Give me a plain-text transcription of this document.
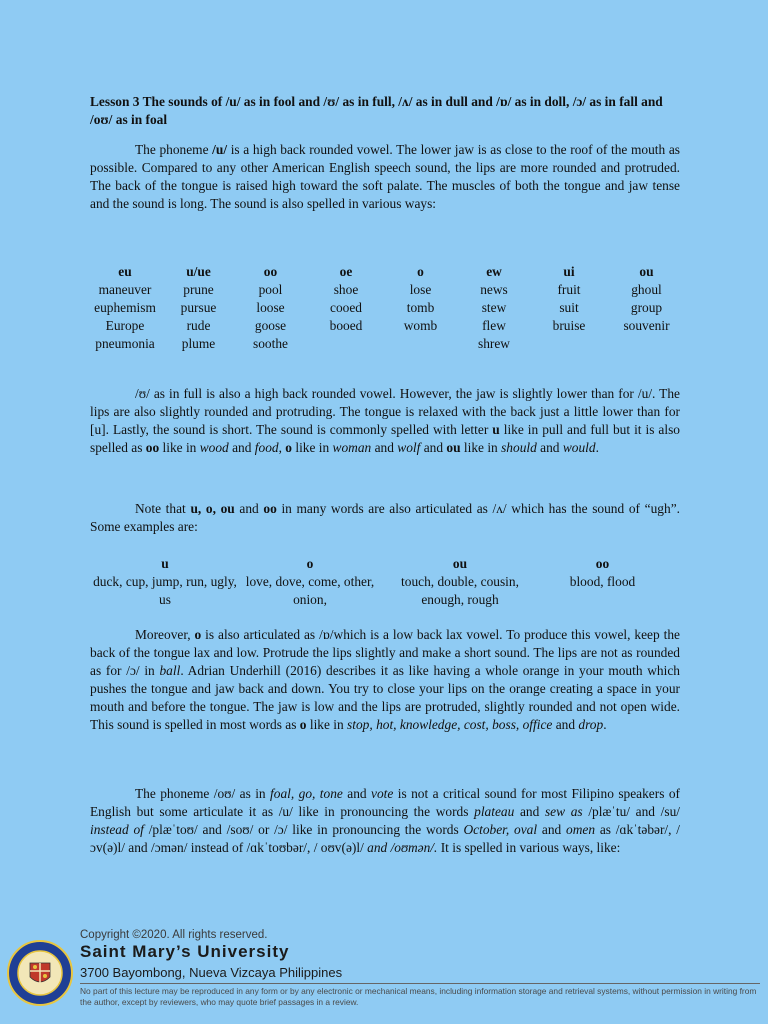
Lesson 3 The sounds of /u/ as in fool and /ʊ/ as in full, /ʌ/ as in dull and /ɒ/ as in doll, /ɔ/ as in fall and /oʊ/ as in foal

The phoneme /u/ is a high back rounded vowel. The lower jaw is as close to the roof of the mouth as possible. Compared to any other American English speech sound, the lips are more rounded and protruded. The back of the tongue is raised high toward the soft palate. The muscles of both the tongue and jaw tense and the sound is long. The sound is also spelled in various ways:

eu
maneuver
euphemism
Europe
pneumonia
u/ue
prune
pursue
rude
plume
oo
pool
loose
goose
soothe
oe
shoe
cooed
booed
o
lose
tomb
womb
ew
news
stew
flew
shrew
ui
fruit
suit
bruise
ou
ghoul
group
souvenir

/ʊ/ as in full is also a high back rounded vowel. However, the jaw is slightly lower than for /u/. The lips are also slightly rounded and protruding. The tongue is relaxed with the back just a little lower than for [u]. Lastly, the sound is short. The sound is commonly spelled with letter u like in pull and full but it is also spelled as oo like in wood and food, o like in woman and wolf and ou like in should and would.

Note that u, o, ou and oo in many words are also articulated as /ʌ/ which has the sound of “ugh”. Some examples are:

u
duck, cup, jump, run, ugly, us
o
love, dove, come, other, onion,
ou
touch, double, cousin, enough, rough
oo
blood, flood

Moreover, o is also articulated as /ɒ/which is a low back lax vowel. To produce this vowel, keep the back of the tongue lax and low. Protrude the lips slightly and make a short sound. The lips are not as rounded as for /ɔ/ in ball. Adrian Underhill (2016) describes it as like having a whole orange in your mouth which pushes the tongue and jaw back and down. You try to close your lips on the orange creating a space in your mouth and before the tongue. The jaw is low and the lips are protruded, slightly rounded and not open wide. This sound is spelled in most words as o like in stop, hot, knowledge, cost, boss, office and drop.

The phoneme /oʊ/ as in foal, go, tone and vote is not a critical sound for most Filipino speakers of English but some articulate it as /u/ like in pronouncing the words plateau and sew as /plæˈtu/ and /su/ instead of /plæˈtoʊ/ and /soʊ/ or /ɔ/ like in pronouncing the words October, oval and omen as /ɑkˈtəbər/, /ɔv(ə)l/ and /ɔmən/ instead of /ɑkˈtoʊbər/, / oʊv(ə)l/ and /oʊmən/. It is spelled in various ways, like:

Copyright ©2020. All rights reserved.
Saint Mary’s University
3700 Bayombong, Nueva Vizcaya Philippines
No part of this lecture may be reproduced in any form or by any electronic or mechanical means, including information storage and retrieval systems, without permission in writing from the author, except by reviewers, who may quote brief passages in a review.
